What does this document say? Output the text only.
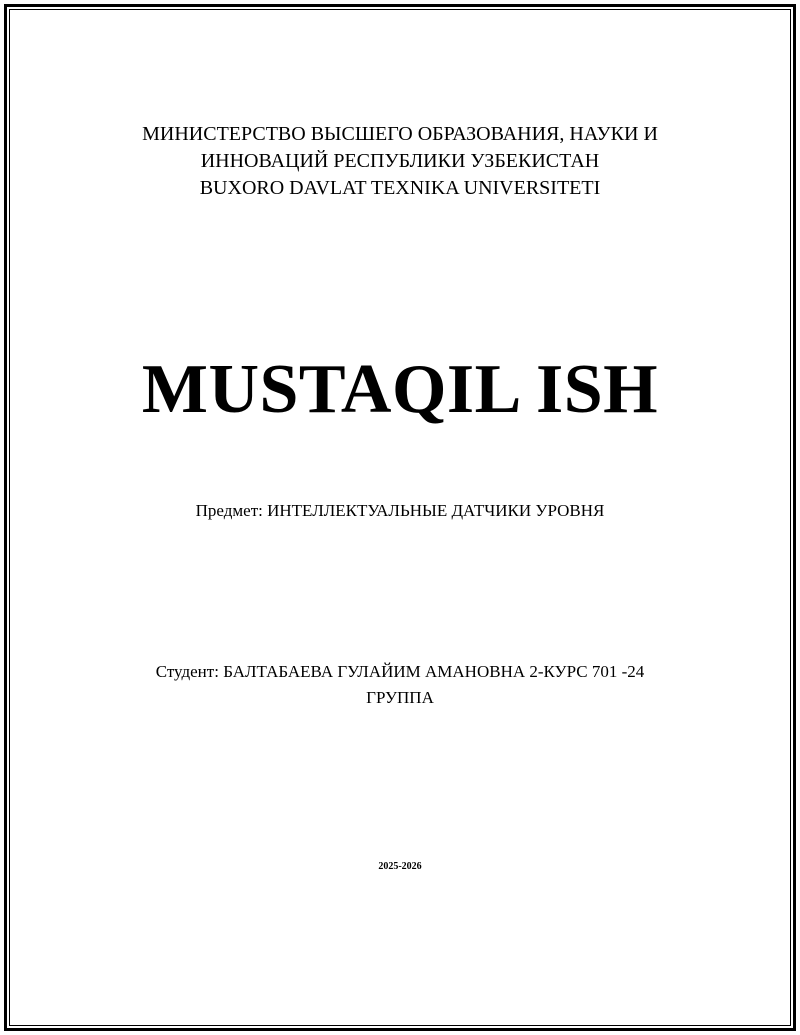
МИНИСТЕРСТВО ВЫСШЕГО ОБРАЗОВАНИЯ, НАУКИ И
ИННОВАЦИЙ РЕСПУБЛИКИ УЗБЕКИСТАН
BUXORO DAVLAT TEXNIKA UNIVERSITETI
MUSTAQIL ISH
Предмет: ИНТЕЛЛЕКТУАЛЬНЫЕ ДАТЧИКИ УРОВНЯ
Студент: БАЛТАБАЕВА ГУЛАЙИМ АМАНОВНА 2-КУРС 701 -24 ГРУППА
2025-2026
